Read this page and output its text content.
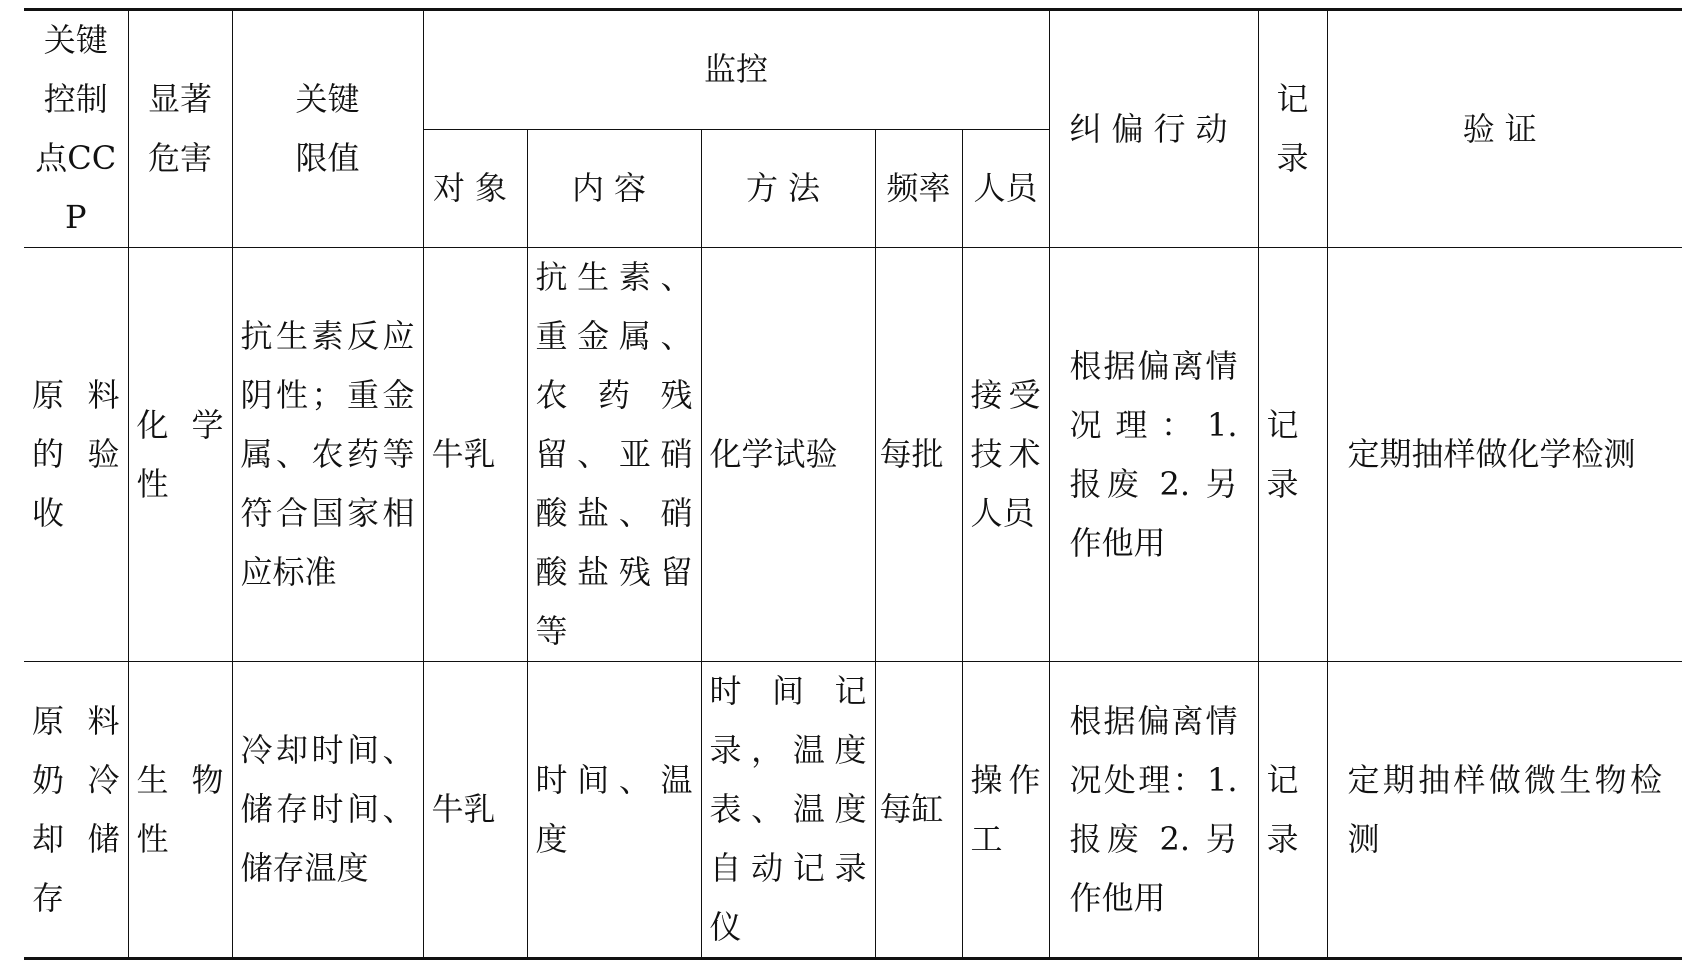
关键控制点CCP	显著危害	关键限值	监控					纠偏行动	记录	验证
			对象	内容	方法	频率	人员			
原料的验收	化学性	抗生素反应阴性；重金属、农药等符合国家相应标准	牛乳	抗生素、重金属、农药残留、亚硝酸盐、硝酸盐残留等	化学试验	每批	接受技术人员	根据偏离情况理：1. 报废 2. 另作他用	记录	定期抽样做化学检测
原料奶冷却储存	生物性	冷却时间、储存时间、储存温度	牛乳	时间、温度	时间记录，温度表、温度自动记录仪	每缸	操作工	根据偏离情况处理：1. 报废 2. 另作他用	记录	定期抽样做微生物检测
